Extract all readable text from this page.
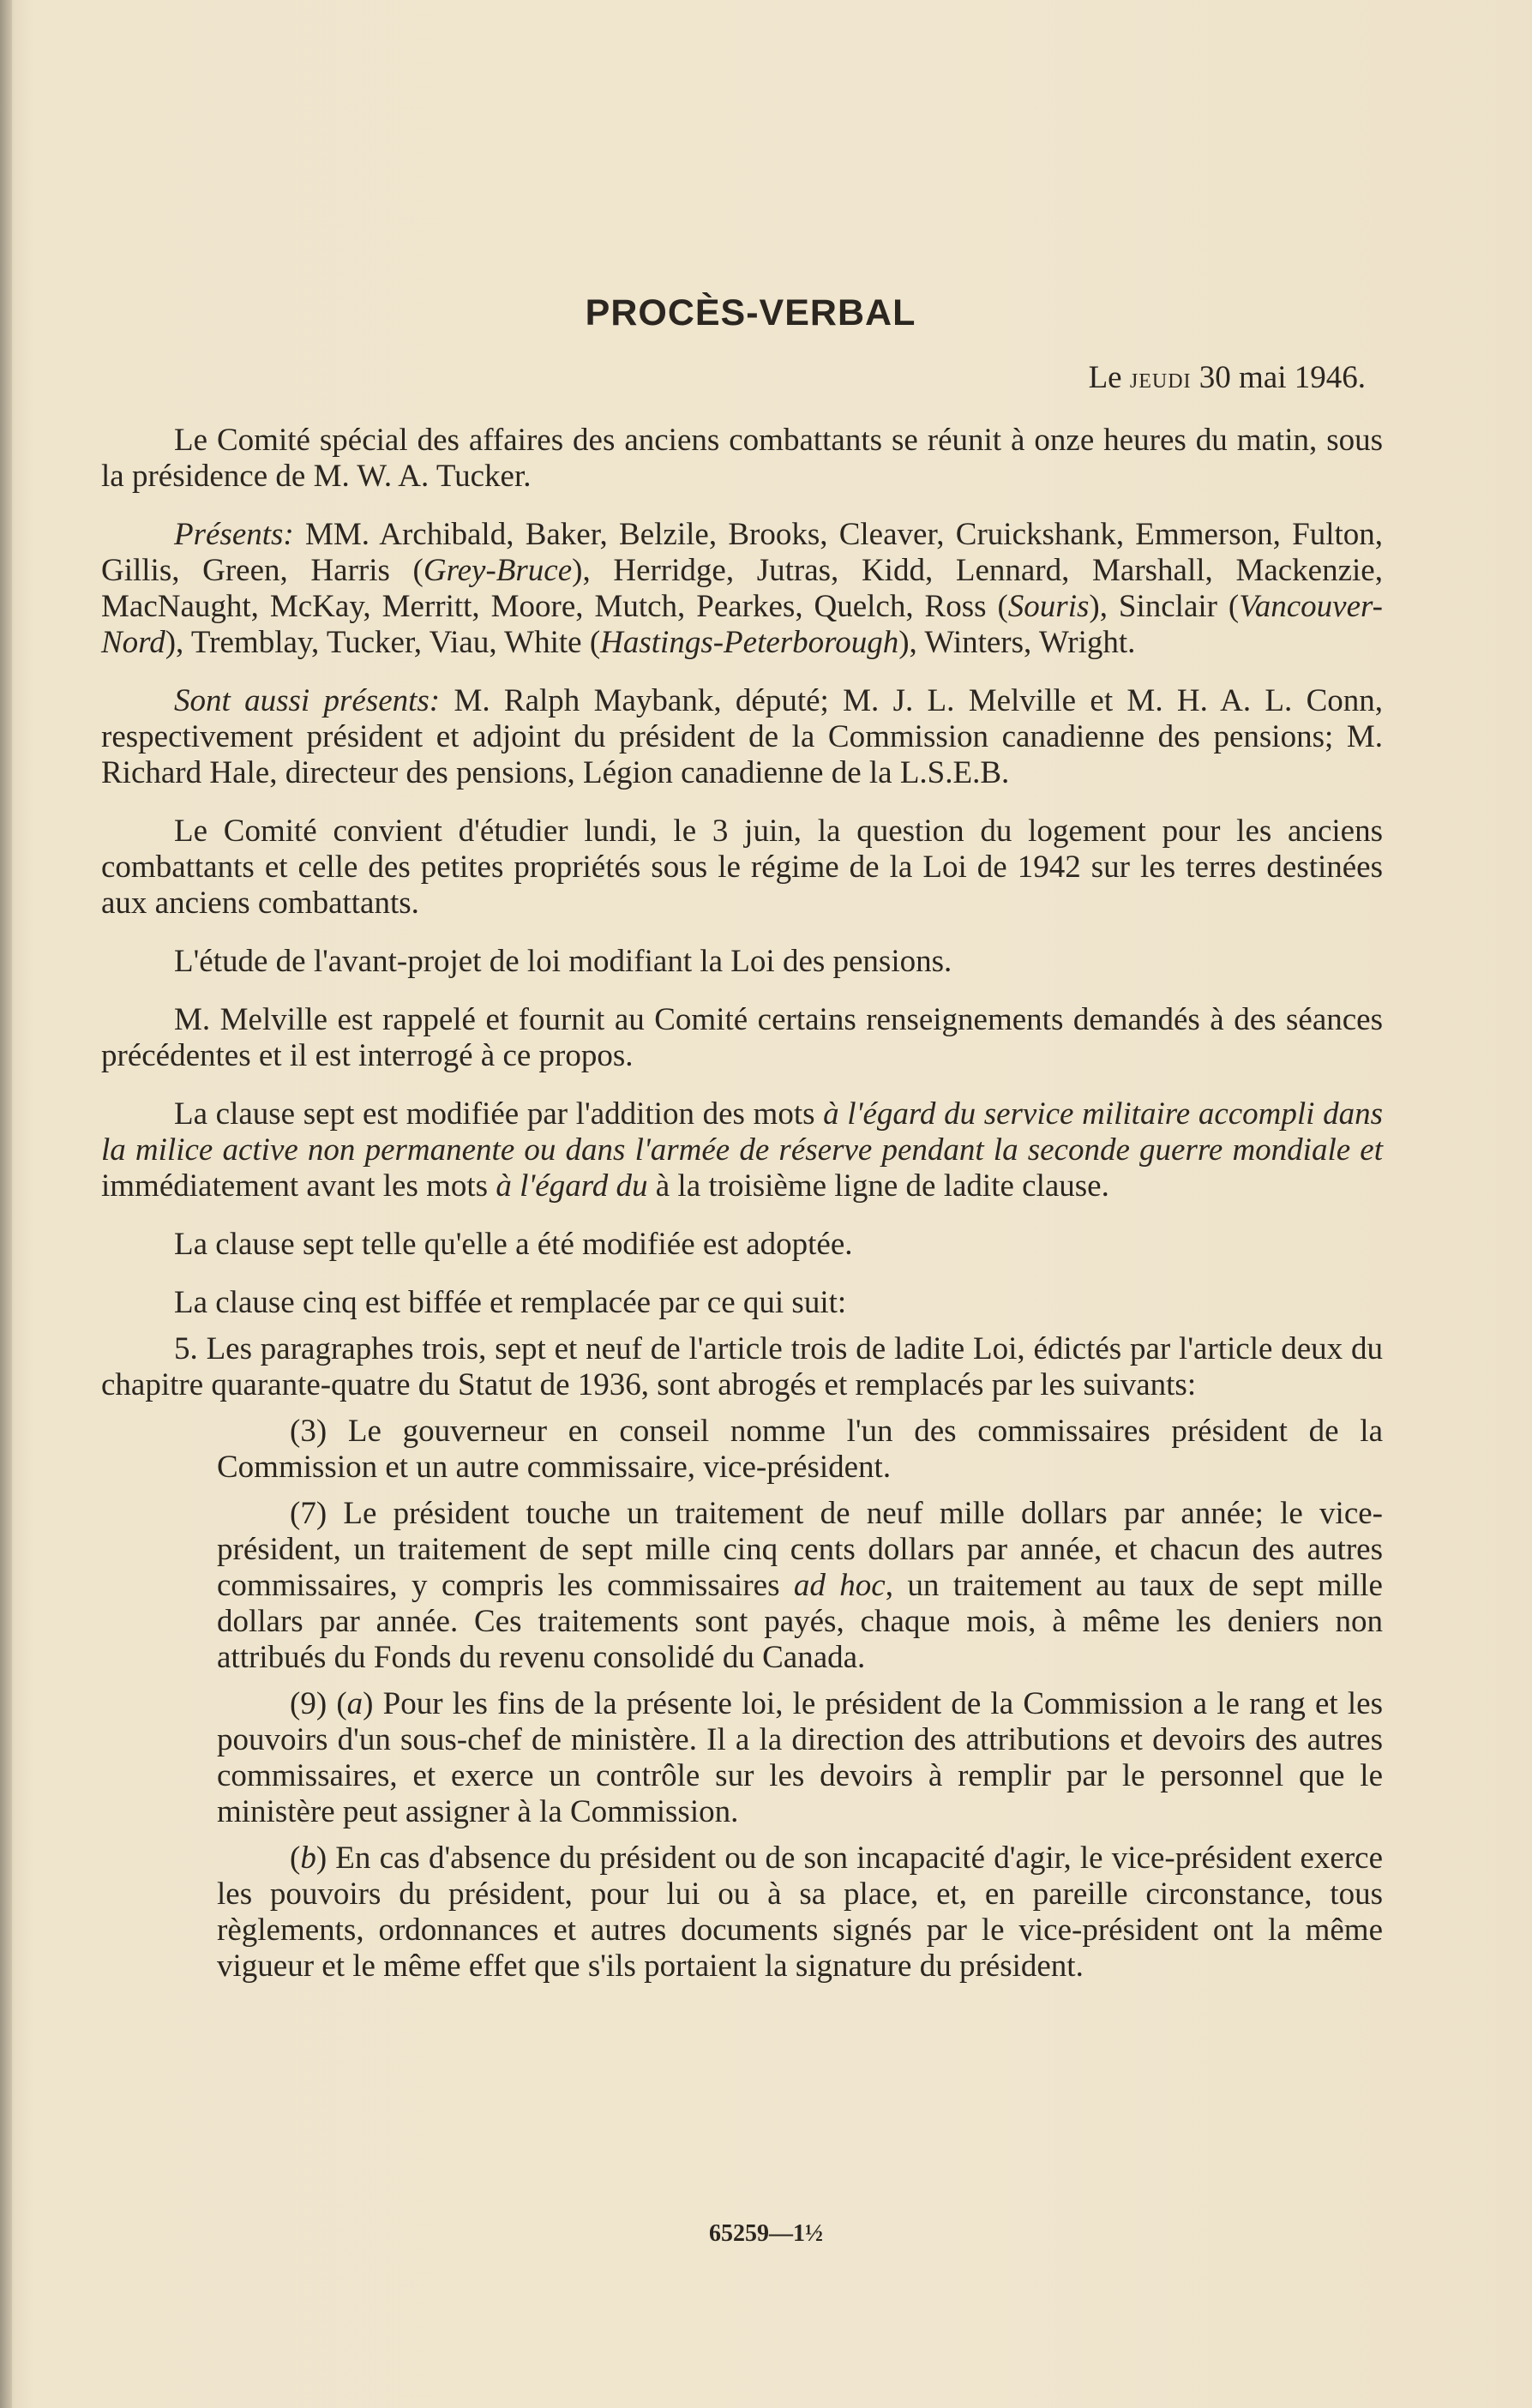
PROCÈS-VERBAL
Le jeudi 30 mai 1946.

Le Comité spécial des affaires des anciens combattants se réunit à onze heures du matin, sous la présidence de M. W. A. Tucker.

Présents: MM. Archibald, Baker, Belzile, Brooks, Cleaver, Cruickshank, Emmerson, Fulton, Gillis, Green, Harris (Grey-Bruce), Herridge, Jutras, Kidd, Lennard, Marshall, Mackenzie, MacNaught, McKay, Merritt, Moore, Mutch, Pearkes, Quelch, Ross (Souris), Sinclair (Vancouver-Nord), Tremblay, Tucker, Viau, White (Hastings-Peterborough), Winters, Wright.

Sont aussi présents: M. Ralph Maybank, député; M. J. L. Melville et M. H. A. L. Conn, respectivement président et adjoint du président de la Commission canadienne des pensions; M. Richard Hale, directeur des pensions, Légion canadienne de la L.S.E.B.

Le Comité convient d'étudier lundi, le 3 juin, la question du logement pour les anciens combattants et celle des petites propriétés sous le régime de la Loi de 1942 sur les terres destinées aux anciens combattants.

L'étude de l'avant-projet de loi modifiant la Loi des pensions.

M. Melville est rappelé et fournit au Comité certains renseignements demandés à des séances précédentes et il est interrogé à ce propos.

La clause sept est modifiée par l'addition des mots à l'égard du service militaire accompli dans la milice active non permanente ou dans l'armée de réserve pendant la seconde guerre mondiale et immédiatement avant les mots à l'égard du à la troisième ligne de ladite clause.

La clause sept telle qu'elle a été modifiée est adoptée.

La clause cinq est biffée et remplacée par ce qui suit:

5. Les paragraphes trois, sept et neuf de l'article trois de ladite Loi, édictés par l'article deux du chapitre quarante-quatre du Statut de 1936, sont abrogés et remplacés par les suivants:

(3) Le gouverneur en conseil nomme l'un des commissaires président de la Commission et un autre commissaire, vice-président.
(7) Le président touche un traitement de neuf mille dollars par année; le vice-président, un traitement de sept mille cinq cents dollars par année, et chacun des autres commissaires, y compris les commissaires ad hoc, un traitement au taux de sept mille dollars par année. Ces traitements sont payés, chaque mois, à même les deniers non attribués du Fonds du revenu consolidé du Canada.
(9) (a) Pour les fins de la présente loi, le président de la Commission a le rang et les pouvoirs d'un sous-chef de ministère. Il a la direction des attributions et devoirs des autres commissaires, et exerce un contrôle sur les devoirs à remplir par le personnel que le ministère peut assigner à la Commission.
(b) En cas d'absence du président ou de son incapacité d'agir, le vice-président exerce les pouvoirs du président, pour lui ou à sa place, et, en pareille circonstance, tous règlements, ordonnances et autres documents signés par le vice-président ont la même vigueur et le même effet que s'ils portaient la signature du président.
65259—1½
